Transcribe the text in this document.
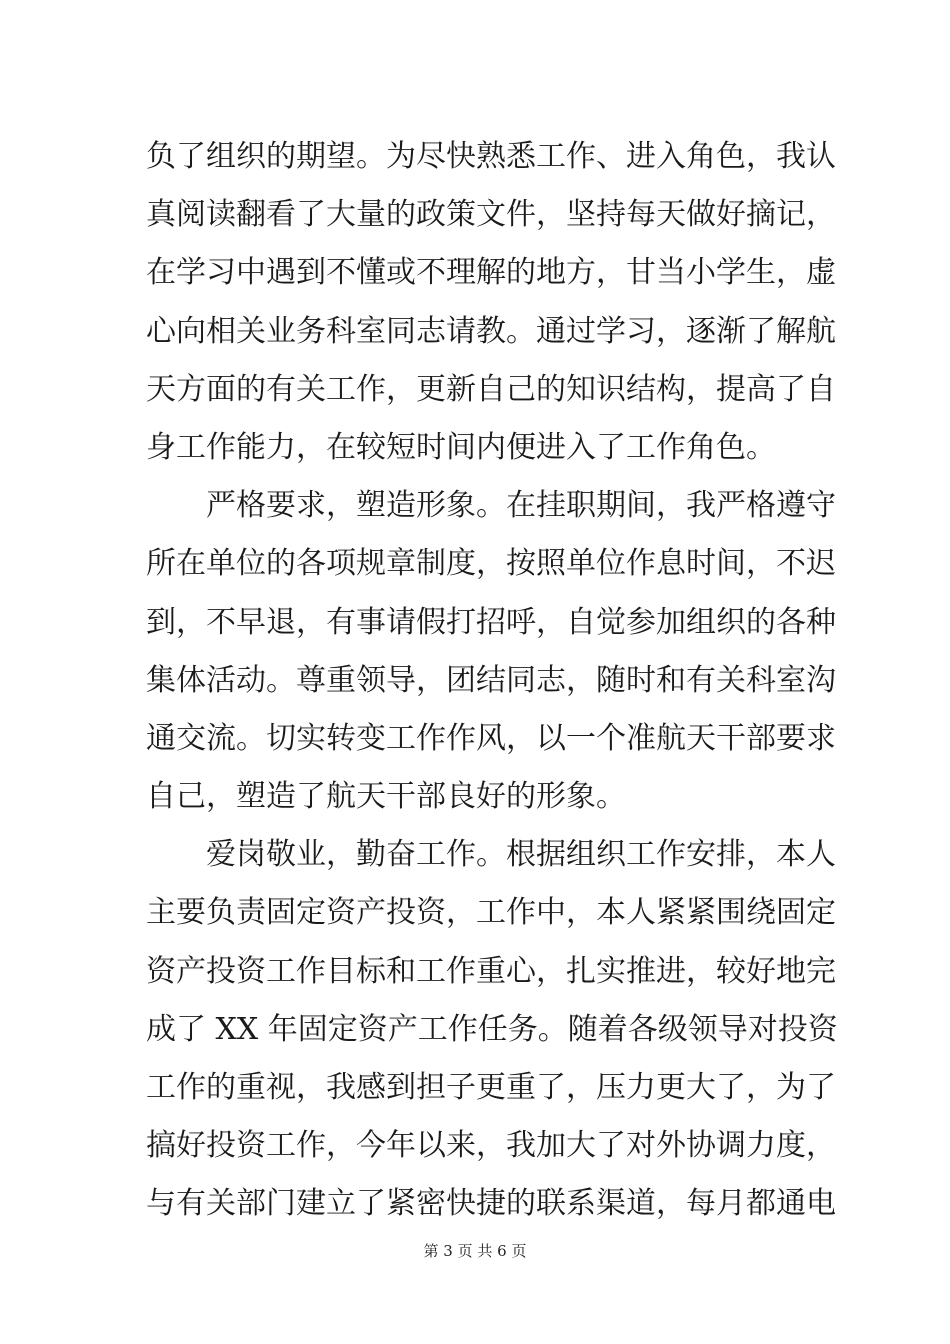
负了组织的期望。为尽快熟悉工作、进入角色，我认
真阅读翻看了大量的政策文件，坚持每天做好摘记，
在学习中遇到不懂或不理解的地方，甘当小学生，虚
心向相关业务科室同志请教。通过学习，逐渐了解航
天方面的有关工作，更新自己的知识结构，提高了自
身工作能力，在较短时间内便进入了工作角色。
严格要求，塑造形象。在挂职期间，我严格遵守
所在单位的各项规章制度，按照单位作息时间，不迟
到，不早退，有事请假打招呼，自觉参加组织的各种
集体活动。尊重领导，团结同志，随时和有关科室沟
通交流。切实转变工作作风，以一个准航天干部要求
自己，塑造了航天干部良好的形象。
爱岗敬业，勤奋工作。根据组织工作安排，本人
主要负责固定资产投资，工作中，本人紧紧围绕固定
资产投资工作目标和工作重心，扎实推进，较好地完
成了 XX 年固定资产工作任务。随着各级领导对投资
工作的重视，我感到担子更重了，压力更大了，为了
搞好投资工作，今年以来，我加大了对外协调力度，
与有关部门建立了紧密快捷的联系渠道，每月都通电
第 3 页 共 6 页
